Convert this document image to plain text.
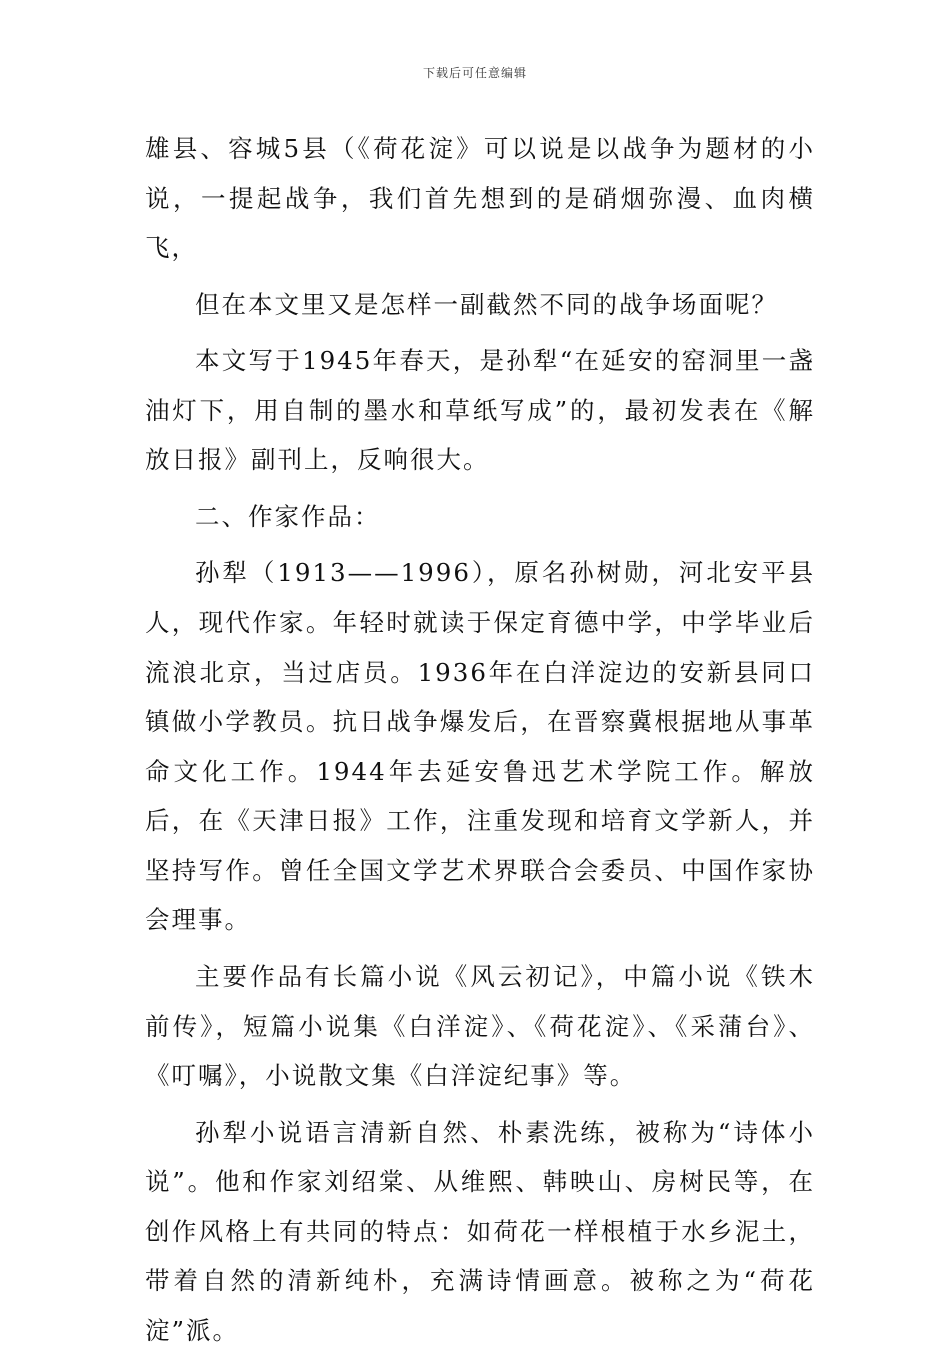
下载后可任意编辑

雄县、容城5县（《荷花淀》可以说是以战争为题材的小说，一提起战争，我们首先想到的是硝烟弥漫、血肉横飞，

但在本文里又是怎样一副截然不同的战争场面呢？

本文写于1945年春天，是孙犁“在延安的窑洞里一盏油灯下，用自制的墨水和草纸写成”的，最初发表在《解放日报》副刊上，反响很大。

二、作家作品：

孙犁（1913——1996），原名孙树勋，河北安平县人，现代作家。年轻时就读于保定育德中学，中学毕业后流浪北京，当过店员。1936年在白洋淀边的安新县同口镇做小学教员。抗日战争爆发后，在晋察冀根据地从事革命文化工作。1944年去延安鲁迅艺术学院工作。解放后，在《天津日报》工作，注重发现和培育文学新人，并坚持写作。曾任全国文学艺术界联合会委员、中国作家协会理事。

主要作品有长篇小说《风云初记》，中篇小说《铁木前传》，短篇小说集《白洋淀》、《荷花淀》、《采蒲台》、《叮嘱》，小说散文集《白洋淀纪事》等。

孙犁小说语言清新自然、朴素洗练，被称为“诗体小说”。他和作家刘绍棠、从维熙、韩映山、房树民等，在创作风格上有共同的特点：如荷花一样根植于水乡泥土，带着自然的清新纯朴，充满诗情画意。被称之为“荷花淀”派。
